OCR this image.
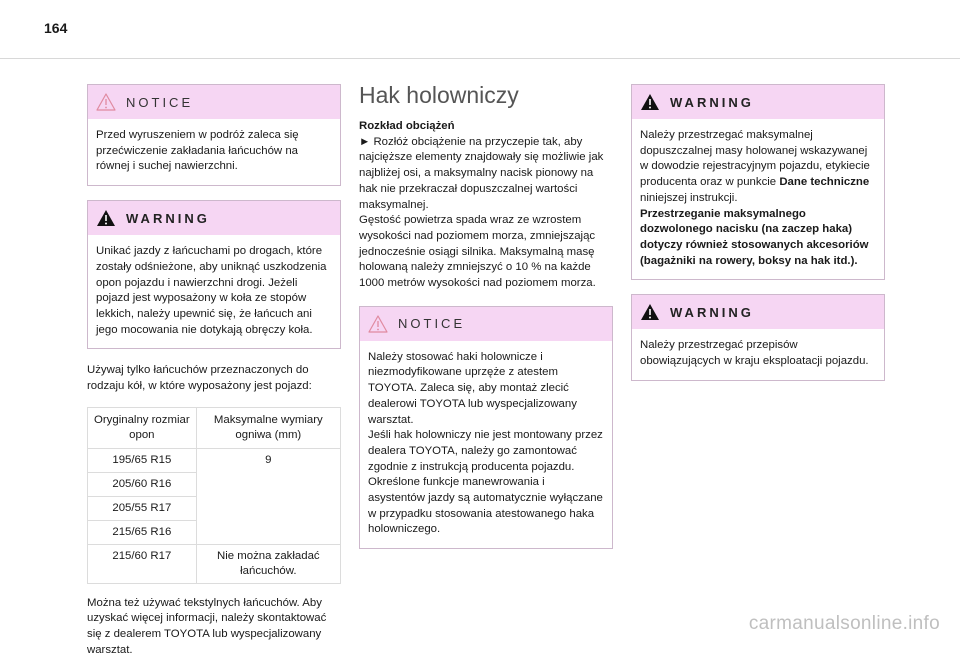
164
NOTICE

Przed wyruszeniem w podróż zaleca się przećwiczenie zakładania łańcuchów na równej i suchej nawierzchni.

WARNING

Unikać jazdy z łańcuchami po drogach, które zostały odśnieżone, aby uniknąć uszkodzenia opon pojazdu i nawierzchni drogi. Jeżeli pojazd jest wyposażony w koła ze stopów lekkich, należy upewnić się, że łańcuch ani jego mocowania nie dotykają obręczy koła.

Używaj tylko łańcuchów przeznaczonych do rodzaju kół, w które wyposażony jest pojazd:

Oryginalny rozmiar opon	Maksymalne wymiary ogniwa (mm)
195/65 R15	9
205/60 R16	
205/55 R17	
215/65 R16	
215/60 R17	Nie można zakładać łańcuchów.

Można też używać tekstylnych łańcuchów. Aby uzyskać więcej informacji, należy skontaktować się z dealerem TOYOTA lub wyspecjalizowany warsztat.

Hak holowniczy

Rozkład obciążeń

► Rozłóż obciążenie na przyczepie tak, aby najcięższe elementy znajdowały się możliwie jak najbliżej osi, a maksymalny nacisk pionowy na hak nie przekraczał dopuszczalnej wartości maksymalnej.

Gęstość powietrza spada wraz ze wzrostem wysokości nad poziomem morza, zmniejszając jednocześnie osiągi silnika. Maksymalną masę holowaną należy zmniejszyć o 10 % na każde 1000 metrów wysokości nad poziomem morza.

NOTICE

Należy stosować haki holownicze i niezmodyfikowane uprzęże z atestem TOYOTA. Zaleca się, aby montaż zlecić dealerowi TOYOTA lub wyspecjalizowany warsztat.

Jeśli hak holowniczy nie jest montowany przez dealera TOYOTA, należy go zamontować zgodnie z instrukcją producenta pojazdu.

Określone funkcje manewrowania i asystentów jazdy są automatycznie wyłączane w przypadku stosowania atestowanego haka holowniczego.

WARNING

Należy przestrzegać maksymalnej dopuszczalnej masy holowanej wskazywanej w dowodzie rejestracyjnym pojazdu, etykiecie producenta oraz w punkcie Dane techniczne niniejszej instrukcji.

Przestrzeganie maksymalnego dozwolonego nacisku (na zaczep haka) dotyczy również stosowanych akcesoriów (bagażniki na rowery, boksy na hak itd.).

WARNING

Należy przestrzegać przepisów obowiązujących w kraju eksploatacji pojazdu.

carmanualsonline.info
